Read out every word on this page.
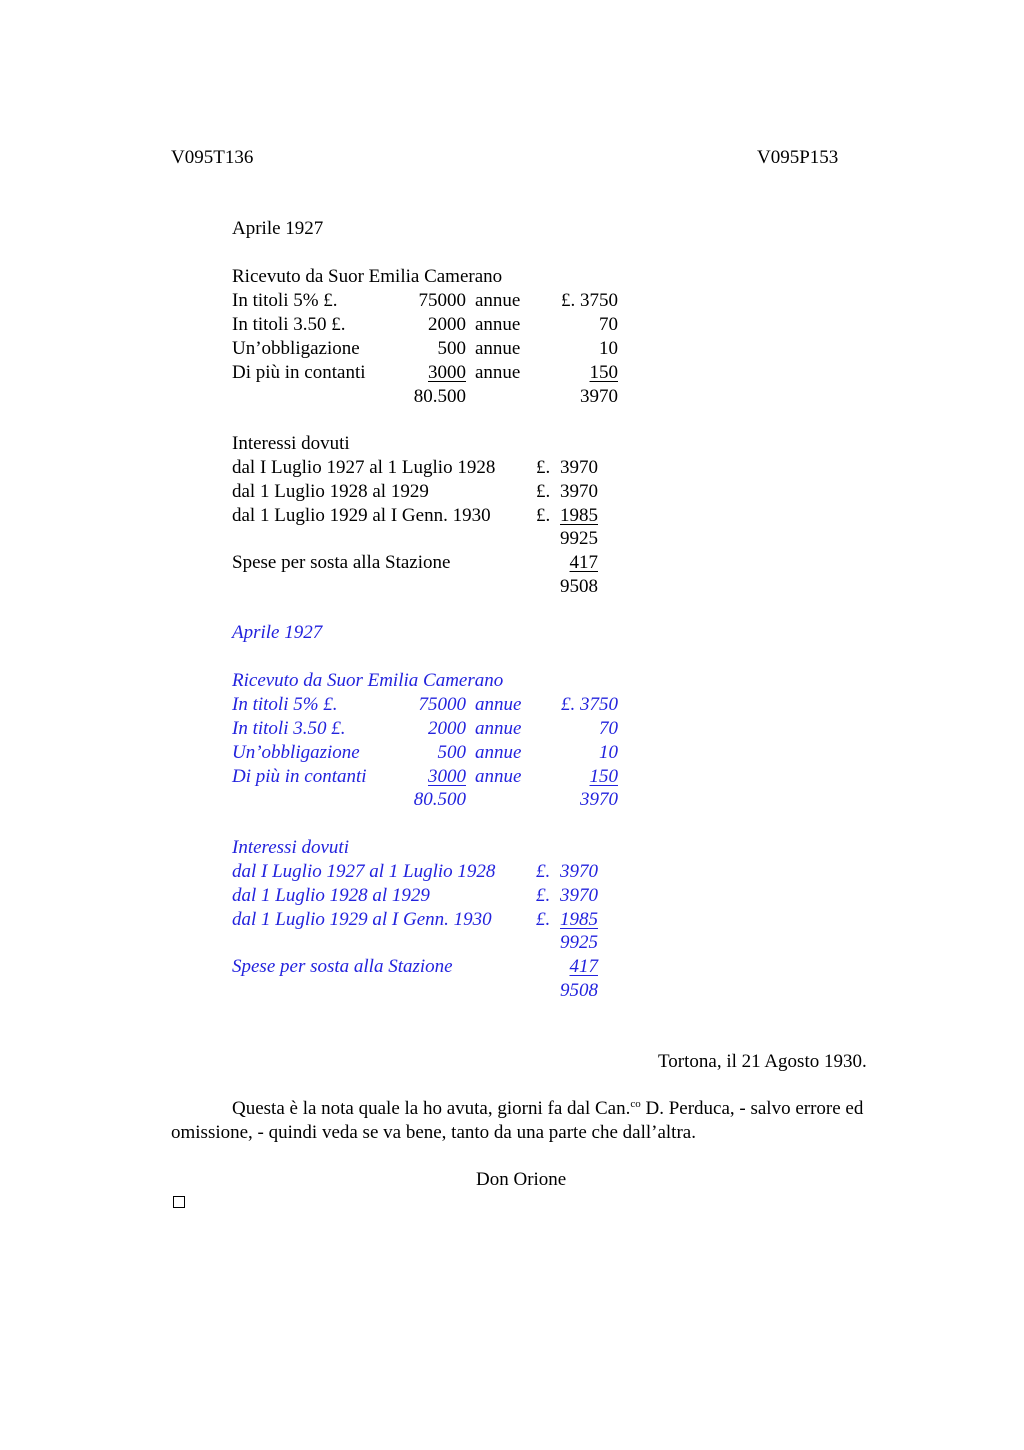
V095T136	V095P153
Aprile 1927
Ricevuto da Suor Emilia Camerano
In titoli 5% £.	75000 annue	£. 3750
In titoli 3.50 £.	2000 annue	70
Un’obbligazione	500 annue	10
Di più in contanti	3000 annue	150
80.500	3970
Interessi dovuti
dal I Luglio 1927 al 1 Luglio 1928 £. 3970
dal 1 Luglio 1928 al 1929	£. 3970
dal 1 Luglio 1929 al I Genn. 1930 £. 1985
9925
Spese per sosta alla Stazione	417
9508
Aprile 1927
Ricevuto da Suor Emilia Camerano
In titoli 5% £.	75000 annue	£. 3750
In titoli 3.50 £.	2000 annue	70
Un’obbligazione	500 annue	10
Di più in contanti	3000 annue	150
80.500	3970
Interessi dovuti
dal I Luglio 1927 al 1 Luglio 1928 £. 3970
dal 1 Luglio 1928 al 1929	£. 3970
dal 1 Luglio 1929 al I Genn. 1930 £. 1985
9925
Spese per sosta alla Stazione	417
9508
Tortona, il 21 Agosto 1930.
Questa è la nota quale la ho avuta, giorni fa dal Can.$^{co}$ D. Perduca, - salvo errore ed
omissione, - quindi veda se va bene, tanto da una parte che dall’altra.
Don Orione
